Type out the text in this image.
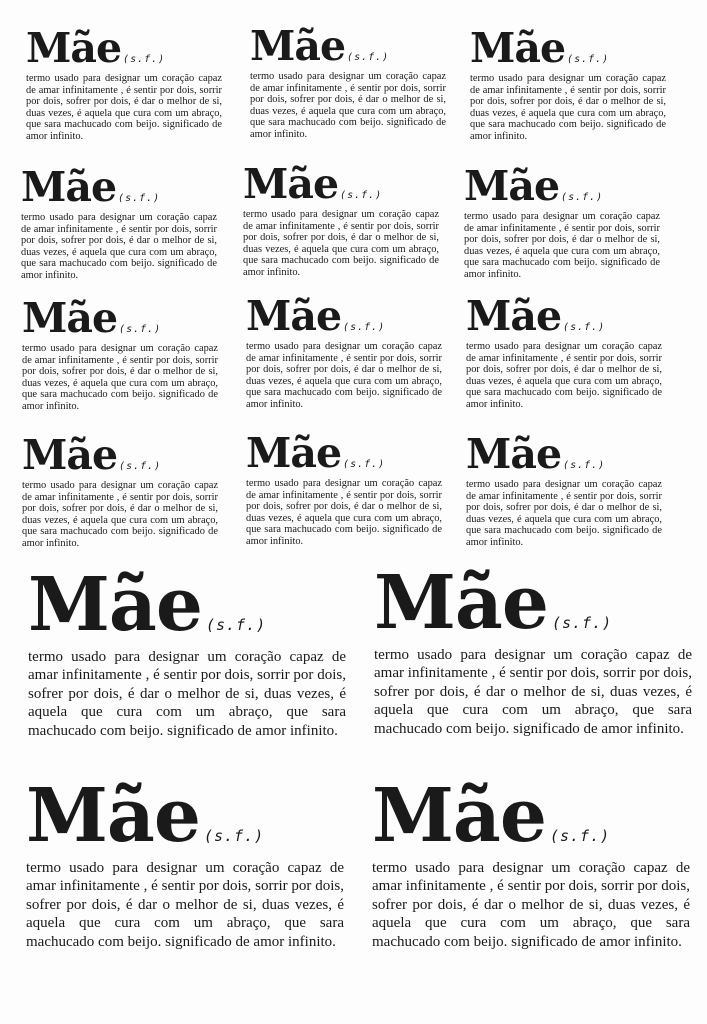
Mãe (s.f.)

termo usado para designar um coração capaz de amar infinitamente , é sentir por dois, sorrir por dois, sofrer por dois, é dar o melhor de si, duas vezes, é aquela que cura com um abraço, que sara machucado com beijo. significado de amor infinito.

Mãe (s.f.)

termo usado para designar um coração capaz de amar infinitamente , é sentir por dois, sorrir por dois, sofrer por dois, é dar o melhor de si, duas vezes, é aquela que cura com um abraço, que sara machucado com beijo. significado de amor infinito.

Mãe (s.f.)

termo usado para designar um coração capaz de amar infinitamente , é sentir por dois, sorrir por dois, sofrer por dois, é dar o melhor de si, duas vezes, é aquela que cura com um abraço, que sara machucado com beijo. significado de amor infinito.

Mãe (s.f.)

termo usado para designar um coração capaz de amar infinitamente , é sentir por dois, sorrir por dois, sofrer por dois, é dar o melhor de si, duas vezes, é aquela que cura com um abraço, que sara machucado com beijo. significado de amor infinito.

Mãe (s.f.)

termo usado para designar um coração capaz de amar infinitamente , é sentir por dois, sorrir por dois, sofrer por dois, é dar o melhor de si, duas vezes, é aquela que cura com um abraço, que sara machucado com beijo. significado de amor infinito.

Mãe (s.f.)

termo usado para designar um coração capaz de amar infinitamente , é sentir por dois, sorrir por dois, sofrer por dois, é dar o melhor de si, duas vezes, é aquela que cura com um abraço, que sara machucado com beijo. significado de amor infinito.

Mãe (s.f.)

termo usado para designar um coração capaz de amar infinitamente , é sentir por dois, sorrir por dois, sofrer por dois, é dar o melhor de si, duas vezes, é aquela que cura com um abraço, que sara machucado com beijo. significado de amor infinito.

Mãe (s.f.)

termo usado para designar um coração capaz de amar infinitamente , é sentir por dois, sorrir por dois, sofrer por dois, é dar o melhor de si, duas vezes, é aquela que cura com um abraço, que sara machucado com beijo. significado de amor infinito.

Mãe (s.f.)

termo usado para designar um coração capaz de amar infinitamente , é sentir por dois, sorrir por dois, sofrer por dois, é dar o melhor de si, duas vezes, é aquela que cura com um abraço, que sara machucado com beijo. significado de amor infinito.

Mãe (s.f.)

termo usado para designar um coração capaz de amar infinitamente , é sentir por dois, sorrir por dois, sofrer por dois, é dar o melhor de si, duas vezes, é aquela que cura com um abraço, que sara machucado com beijo. significado de amor infinito.

Mãe (s.f.)

termo usado para designar um coração capaz de amar infinitamente , é sentir por dois, sorrir por dois, sofrer por dois, é dar o melhor de si, duas vezes, é aquela que cura com um abraço, que sara machucado com beijo. significado de amor infinito.

Mãe (s.f.)

termo usado para designar um coração capaz de amar infinitamente , é sentir por dois, sorrir por dois, sofrer por dois, é dar o melhor de si, duas vezes, é aquela que cura com um abraço, que sara machucado com beijo. significado de amor infinito.

Mãe (s.f.)

termo usado para designar um coração capaz de amar infinitamente , é sentir por dois, sorrir por dois, sofrer por dois, é dar o melhor de si, duas vezes, é aquela que cura com um abraço, que sara machucado com beijo. significado de amor infinito.

Mãe (s.f.)

termo usado para designar um coração capaz de amar infinitamente , é sentir por dois, sorrir por dois, sofrer por dois, é dar o melhor de si, duas vezes, é aquela que cura com um abraço, que sara machucado com beijo. significado de amor infinito.

Mãe (s.f.)

termo usado para designar um coração capaz de amar infinitamente , é sentir por dois, sorrir por dois, sofrer por dois, é dar o melhor de si, duas vezes, é aquela que cura com um abraço, que sara machucado com beijo. significado de amor infinito.

Mãe (s.f.)

termo usado para designar um coração capaz de amar infinitamente , é sentir por dois, sorrir por dois, sofrer por dois, é dar o melhor de si, duas vezes, é aquela que cura com um abraço, que sara machucado com beijo. significado de amor infinito.
